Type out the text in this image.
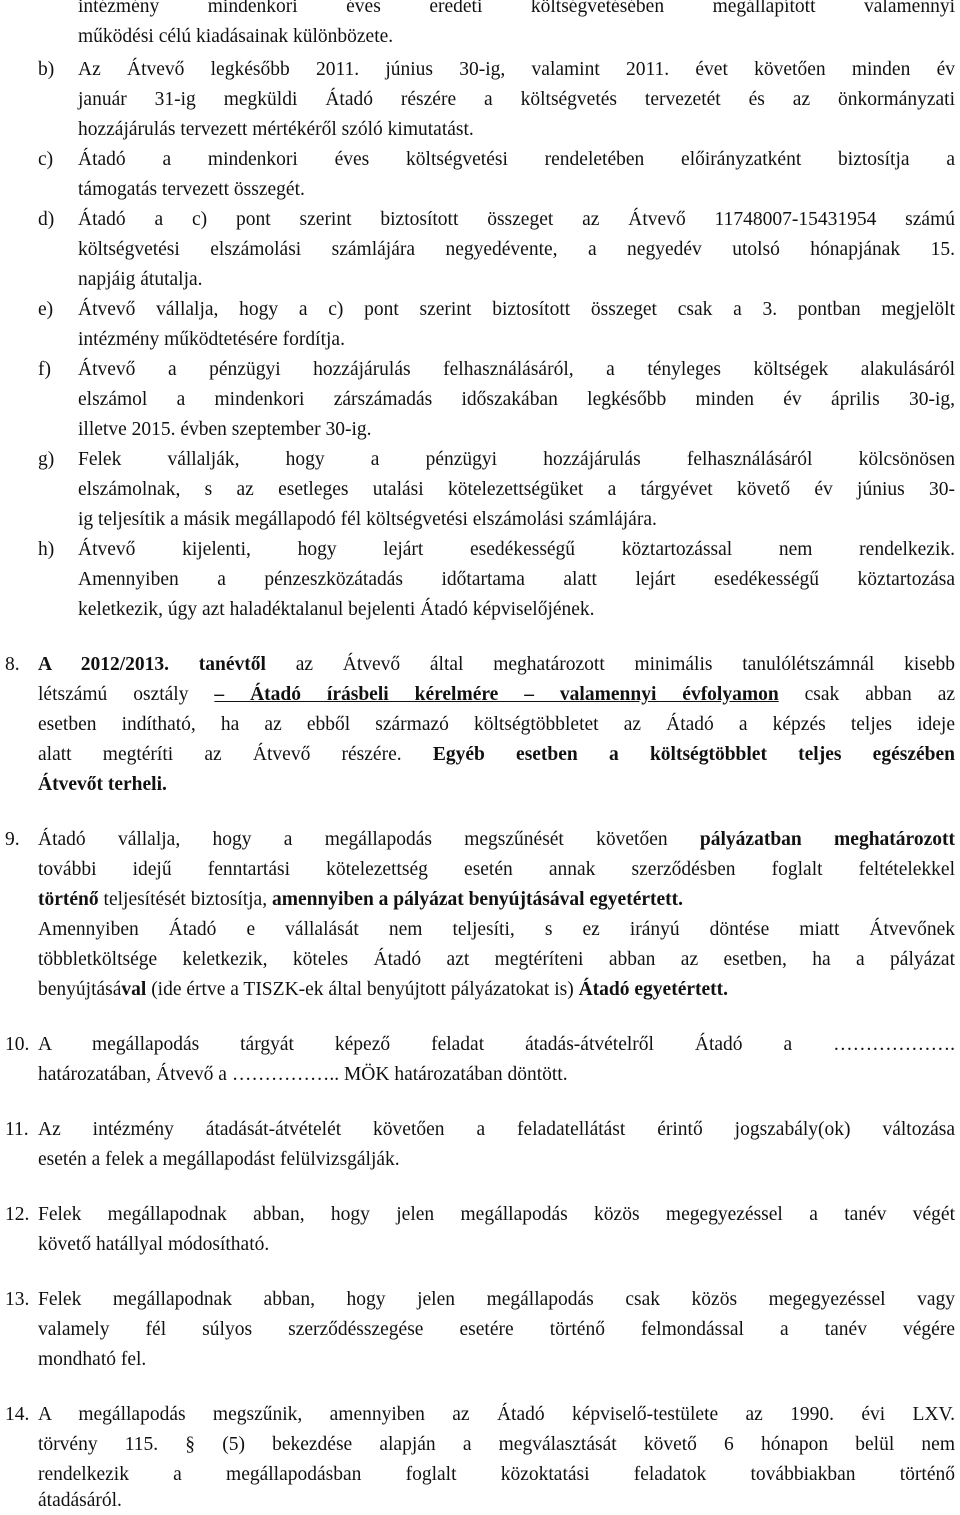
intézmény mindenkori éves eredeti költségvetésében megállapított valamennyi
működési célú kiadásainak különbözete.
b) Az Átvevő legkésőbb 2011. június 30-ig, valamint 2011. évet követően minden év
január 31-ig megküldi Átadó részére a költségvetés tervezetét és az önkormányzati
hozzájárulás tervezett mértékéről szóló kimutatást.
c) Átadó a mindenkori éves költségvetési rendeletében előirányzatként biztosítja a
támogatás tervezett összegét.
d) Átadó a c) pont szerint biztosított összeget az Átvevő 11748007-15431954 számú
költségvetési elszámolási számlájára negyedévente, a negyedév utolsó hónapjának 15.
napjáig átutalja.
e) Átvevő vállalja, hogy a c) pont szerint biztosított összeget csak a 3. pontban megjelölt
intézmény működtetésére fordítja.
f) Átvevő a pénzügyi hozzájárulás felhasználásáról, a tényleges költségek alakulásáról
elszámol a mindenkori zárszámadás időszakában legkésőbb minden év április 30-ig,
illetve 2015. évben szeptember 30-ig.
g) Felek vállalják, hogy a pénzügyi hozzájárulás felhasználásáról kölcsönösen
elszámolnak, s az esetleges utalási kötelezettségüket a tárgyévet követő év június 30-
ig teljesítik a másik megállapodó fél költségvetési elszámolási számlájára.
h) Átvevő kijelenti, hogy lejárt esedékességű köztartozással nem rendelkezik.
Amennyiben a pénzeszközátadás időtartama alatt lejárt esedékességű köztartozása
keletkezik, úgy azt haladéktalanul bejelenti Átadó képviselőjének.
8. A 2012/2013. tanévtől az Átvevő által meghatározott minimális tanulólétszámnál kisebb
létszámú osztály – Átadó írásbeli kérelmére – valamennyi évfolyamon csak abban az
esetben indítható, ha az ebből származó költségtöbbletet az Átadó a képzés teljes ideje
alatt megtéríti az Átvevő részére. Egyéb esetben a költségtöbblet teljes egészében
Átvevőt terheli.
9. Átadó vállalja, hogy a megállapodás megszűnését követően pályázatban meghatározott
további idejű fenntartási kötelezettség esetén annak szerződésben foglalt feltételekkel
történő teljesítését biztosítja, amennyiben a pályázat benyújtásával egyetértett.
Amennyiben Átadó e vállalását nem teljesíti, s ez irányú döntése miatt Átvevőnek
többletköltsége keletkezik, köteles Átadó azt megtéríteni abban az esetben, ha a pályázat
benyújtásával (ide értve a TISZK-ek által benyújtott pályázatokat is) Átadó egyetértett.
10. A megállapodás tárgyát képező feladat átadás-átvételről Átadó a ……………….
határozatában, Átvevő a …………….. MÖK határozatában döntött.
11. Az intézmény átadását-átvételét követően a feladatellátást érintő jogszabály(ok) változása
esetén a felek a megállapodást felülvizsgálják.
12. Felek megállapodnak abban, hogy jelen megállapodás közös megegyezéssel a tanév végét
követő hatállyal módosítható.
13. Felek megállapodnak abban, hogy jelen megállapodás csak közös megegyezéssel vagy
valamely fél súlyos szerződésszegése esetére történő felmondással a tanév végére
mondható fel.
14. A megállapodás megszűnik, amennyiben az Átadó képviselő-testülete az 1990. évi LXV.
törvény 115. § (5) bekezdése alapján a megválasztását követő 6 hónapon belül nem
rendelkezik a megállapodásban foglalt közoktatási feladatok továbbiakban történő
átadásáról.
